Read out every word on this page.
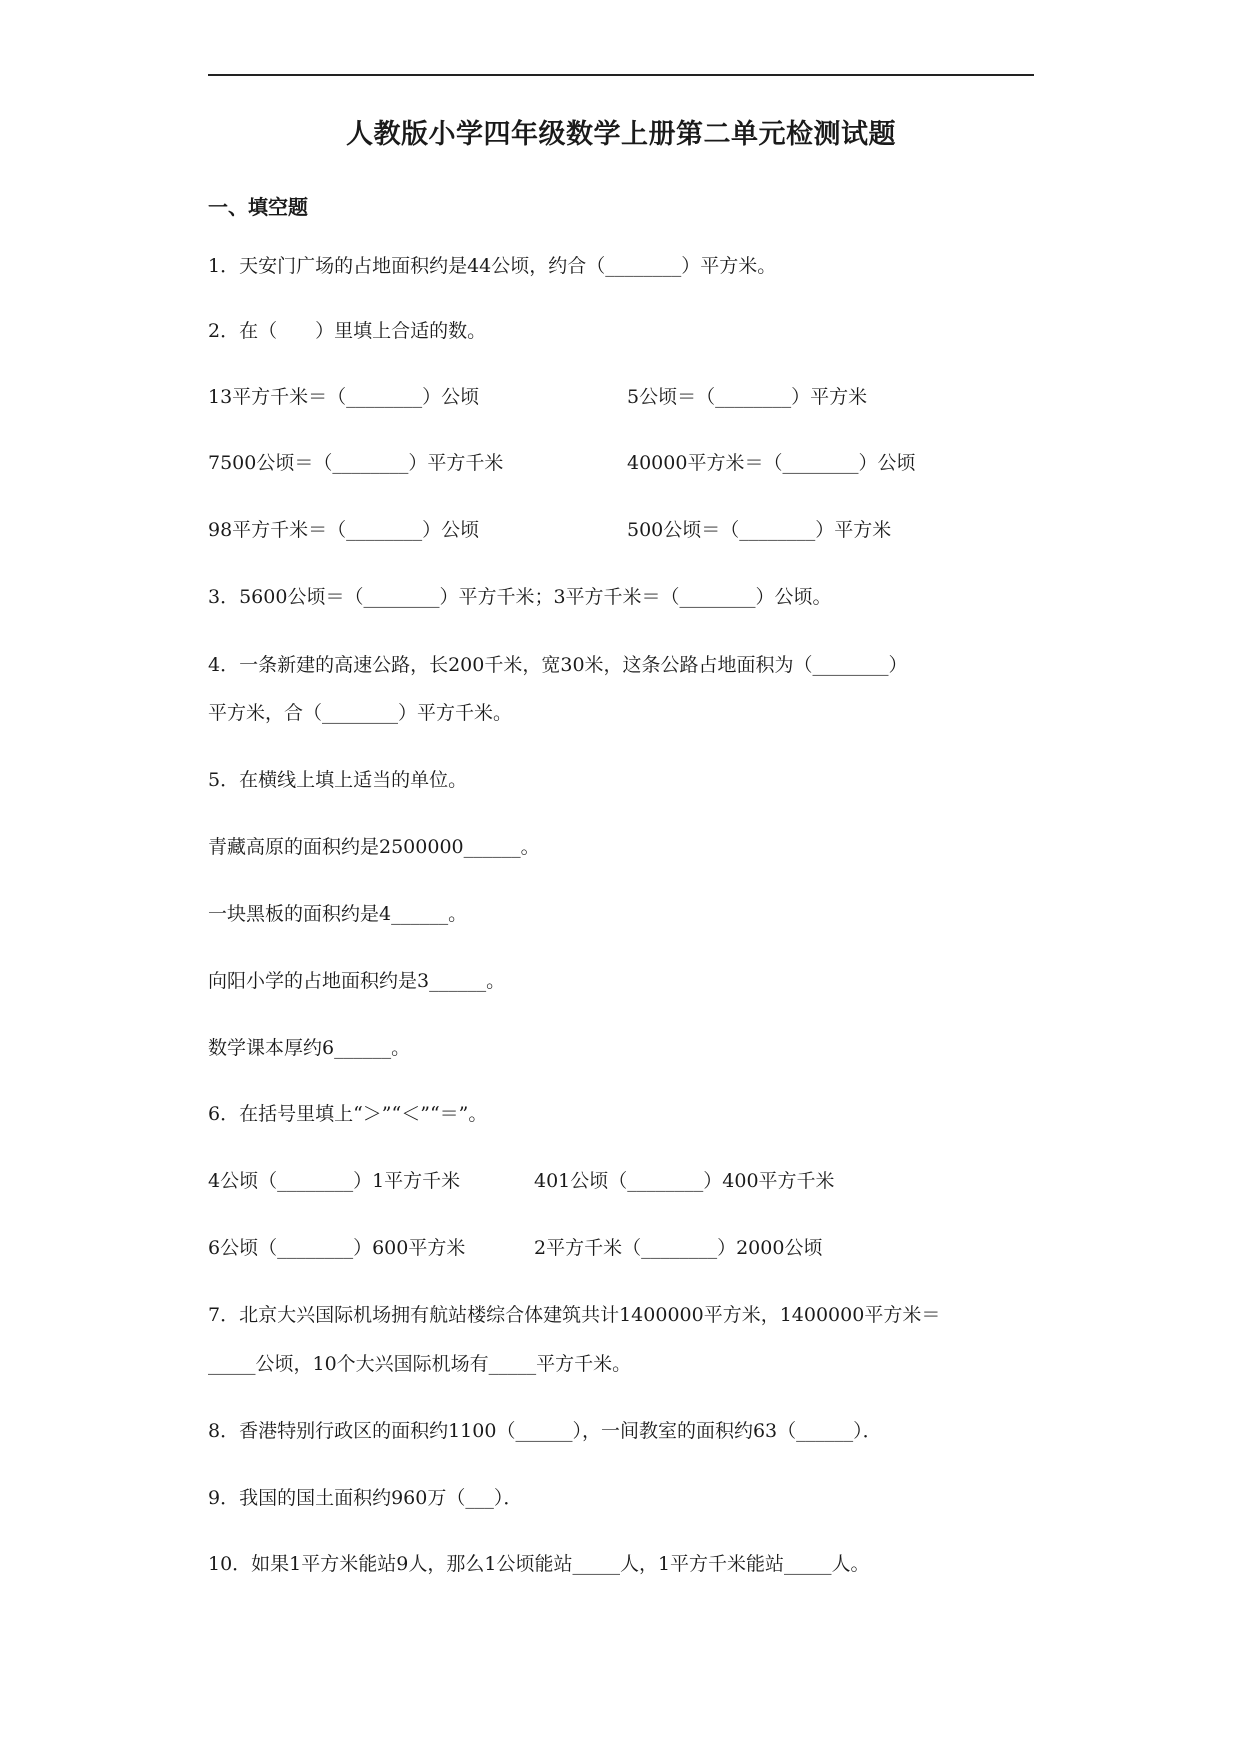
人教版小学四年级数学上册第二单元检测试题
一、填空题
1．天安门广场的占地面积约是44公顷，约合（________）平方米。
2．在（　　）里填上合适的数。
13平方千米＝（________）公顷	5公顷＝（________）平方米
7500公顷＝（________）平方千米	40000平方米＝（________）公顷
98平方千米＝（________）公顷	500公顷＝（________）平方米
3．5600公顷＝（________）平方千米；3平方千米＝（________）公顷。
4．一条新建的高速公路，长200千米，宽30米，这条公路占地面积为（________）
平方米，合（________）平方千米。
5．在横线上填上适当的单位。
青藏高原的面积约是2500000______。
一块黑板的面积约是4______。
向阳小学的占地面积约是3______。
数学课本厚约6______。
6．在括号里填上“＞”“＜”“＝”。
4公顷（________）1平方千米	401公顷（________）400平方千米
6公顷（________）600平方米	2平方千米（________）2000公顷
7．北京大兴国际机场拥有航站楼综合体建筑共计1400000平方米，1400000平方米＝
_____公顷，10个大兴国际机场有_____平方千米。
8．香港特别行政区的面积约1100（______），一间教室的面积约63（______）．
9．我国的国土面积约960万（___）．
10．如果1平方米能站9人，那么1公顷能站_____人，1平方千米能站_____人。
